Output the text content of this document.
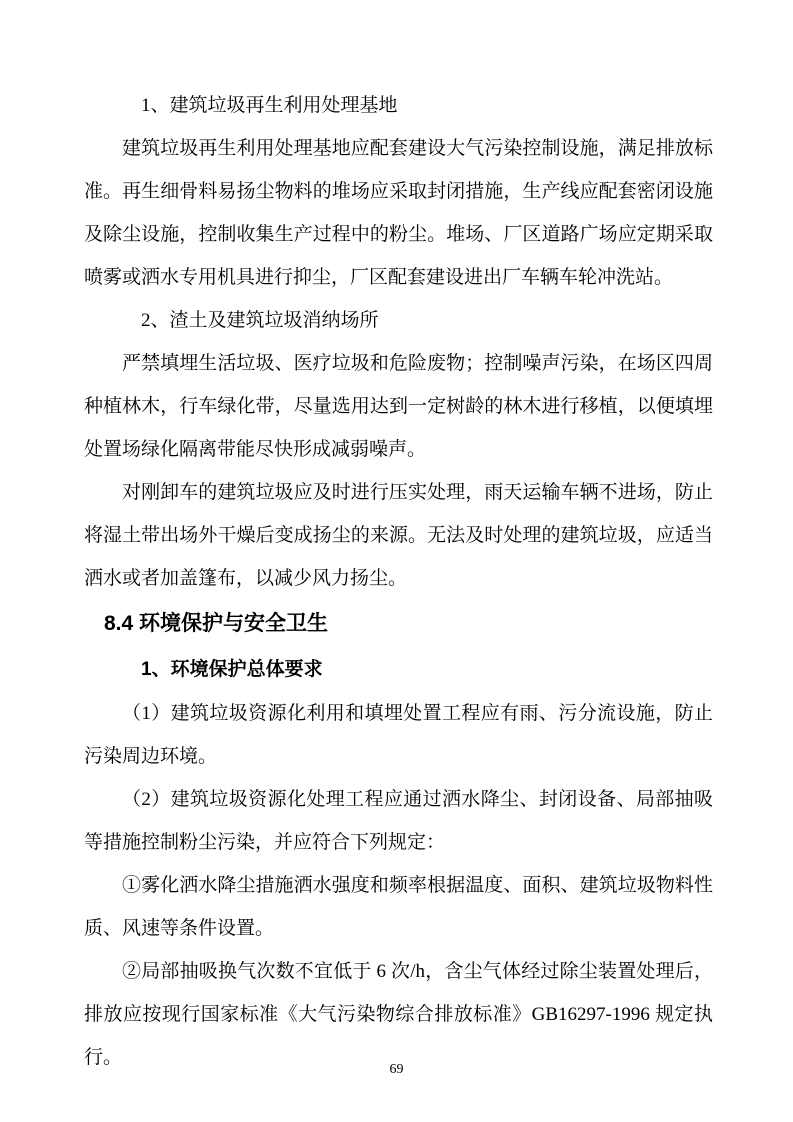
1、建筑垃圾再生利用处理基地

建筑垃圾再生利用处理基地应配套建设大气污染控制设施，满足排放标准。再生细骨料易扬尘物料的堆场应采取封闭措施，生产线应配套密闭设施及除尘设施，控制收集生产过程中的粉尘。堆场、厂区道路广场应定期采取喷雾或洒水专用机具进行抑尘，厂区配套建设进出厂车辆车轮冲洗站。

2、渣土及建筑垃圾消纳场所

严禁填埋生活垃圾、医疗垃圾和危险废物；控制噪声污染，在场区四周种植林木，行车绿化带，尽量选用达到一定树龄的林木进行移植，以便填埋处置场绿化隔离带能尽快形成减弱噪声。

对刚卸车的建筑垃圾应及时进行压实处理，雨天运输车辆不进场，防止将湿土带出场外干燥后变成扬尘的来源。无法及时处理的建筑垃圾，应适当洒水或者加盖篷布，以减少风力扬尘。

8.4 环境保护与安全卫生
1、环境保护总体要求

（1）建筑垃圾资源化利用和填埋处置工程应有雨、污分流设施，防止污染周边环境。

（2）建筑垃圾资源化处理工程应通过洒水降尘、封闭设备、局部抽吸等措施控制粉尘污染，并应符合下列规定：

①雾化洒水降尘措施洒水强度和频率根据温度、面积、建筑垃圾物料性质、风速等条件设置。

②局部抽吸换气次数不宜低于 6 次/h，含尘气体经过除尘装置处理后，排放应按现行国家标准《大气污染物综合排放标准》GB16297-1996 规定执行。

69
